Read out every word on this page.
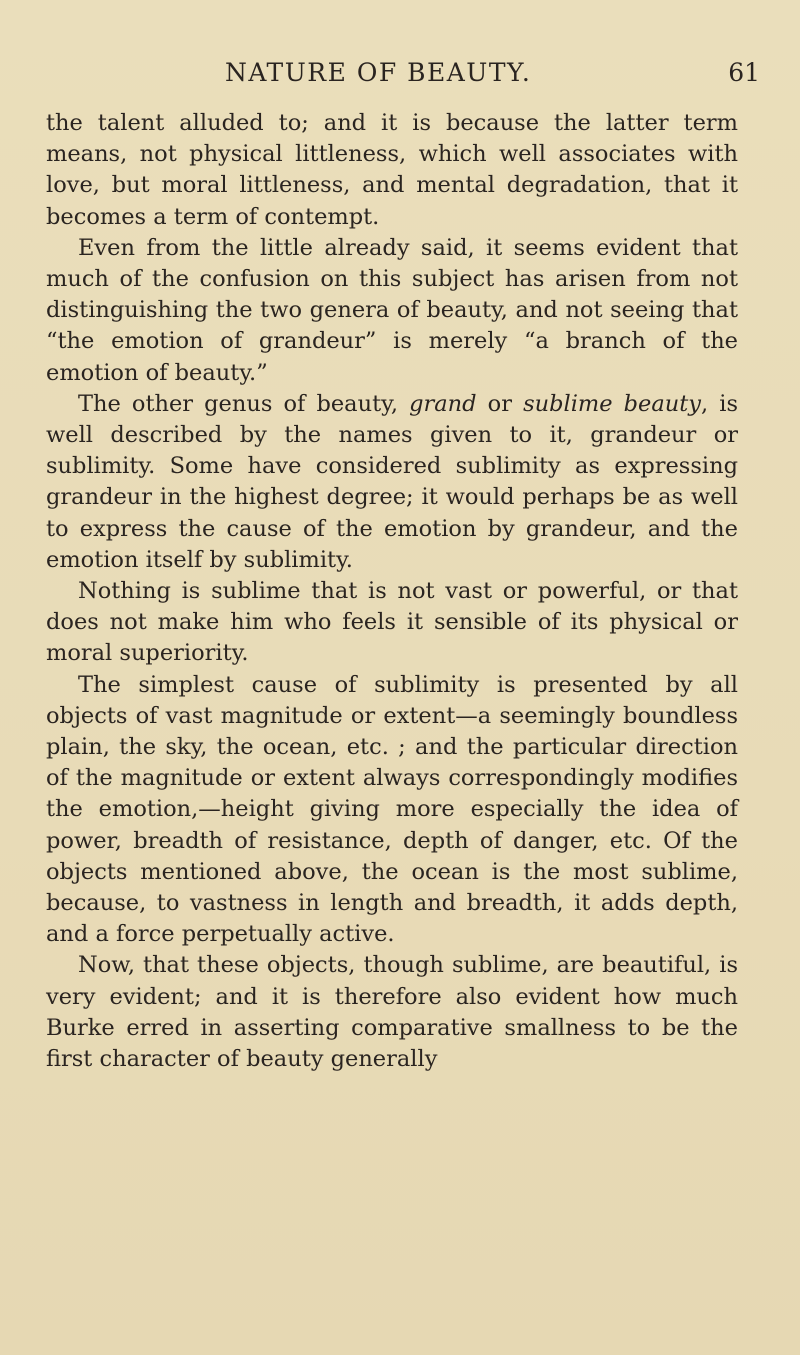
NATURE OF BEAUTY.	61

the talent alluded to; and it is because the latter term means, not physical littleness, which well associates with love, but moral littleness, and mental degradation, that it becomes a term of contempt.

Even from the little already said, it seems evident that much of the confusion on this subject has arisen from not distinguishing the two genera of beauty, and not seeing that “the emotion of grandeur” is merely “a branch of the emotion of beauty.”

The other genus of beauty, grand or sublime beauty, is well described by the names given to it, grandeur or sublimity. Some have considered sublimity as expressing grandeur in the highest degree; it would perhaps be as well to express the cause of the emotion by grandeur, and the emotion itself by sublimity.

Nothing is sublime that is not vast or powerful, or that does not make him who feels it sensible of its physical or moral superiority.

The simplest cause of sublimity is presented by all objects of vast magnitude or extent—a seemingly boundless plain, the sky, the ocean, etc. ; and the particular direction of the magnitude or extent always correspondingly modifies the emotion,—height giving more especially the idea of power, breadth of resistance, depth of danger, etc. Of the objects mentioned above, the ocean is the most sublime, because, to vastness in length and breadth, it adds depth, and a force perpetually active.

Now, that these objects, though sublime, are beautiful, is very evident; and it is therefore also evident how much Burke erred in asserting comparative smallness to be the first character of beauty generally
